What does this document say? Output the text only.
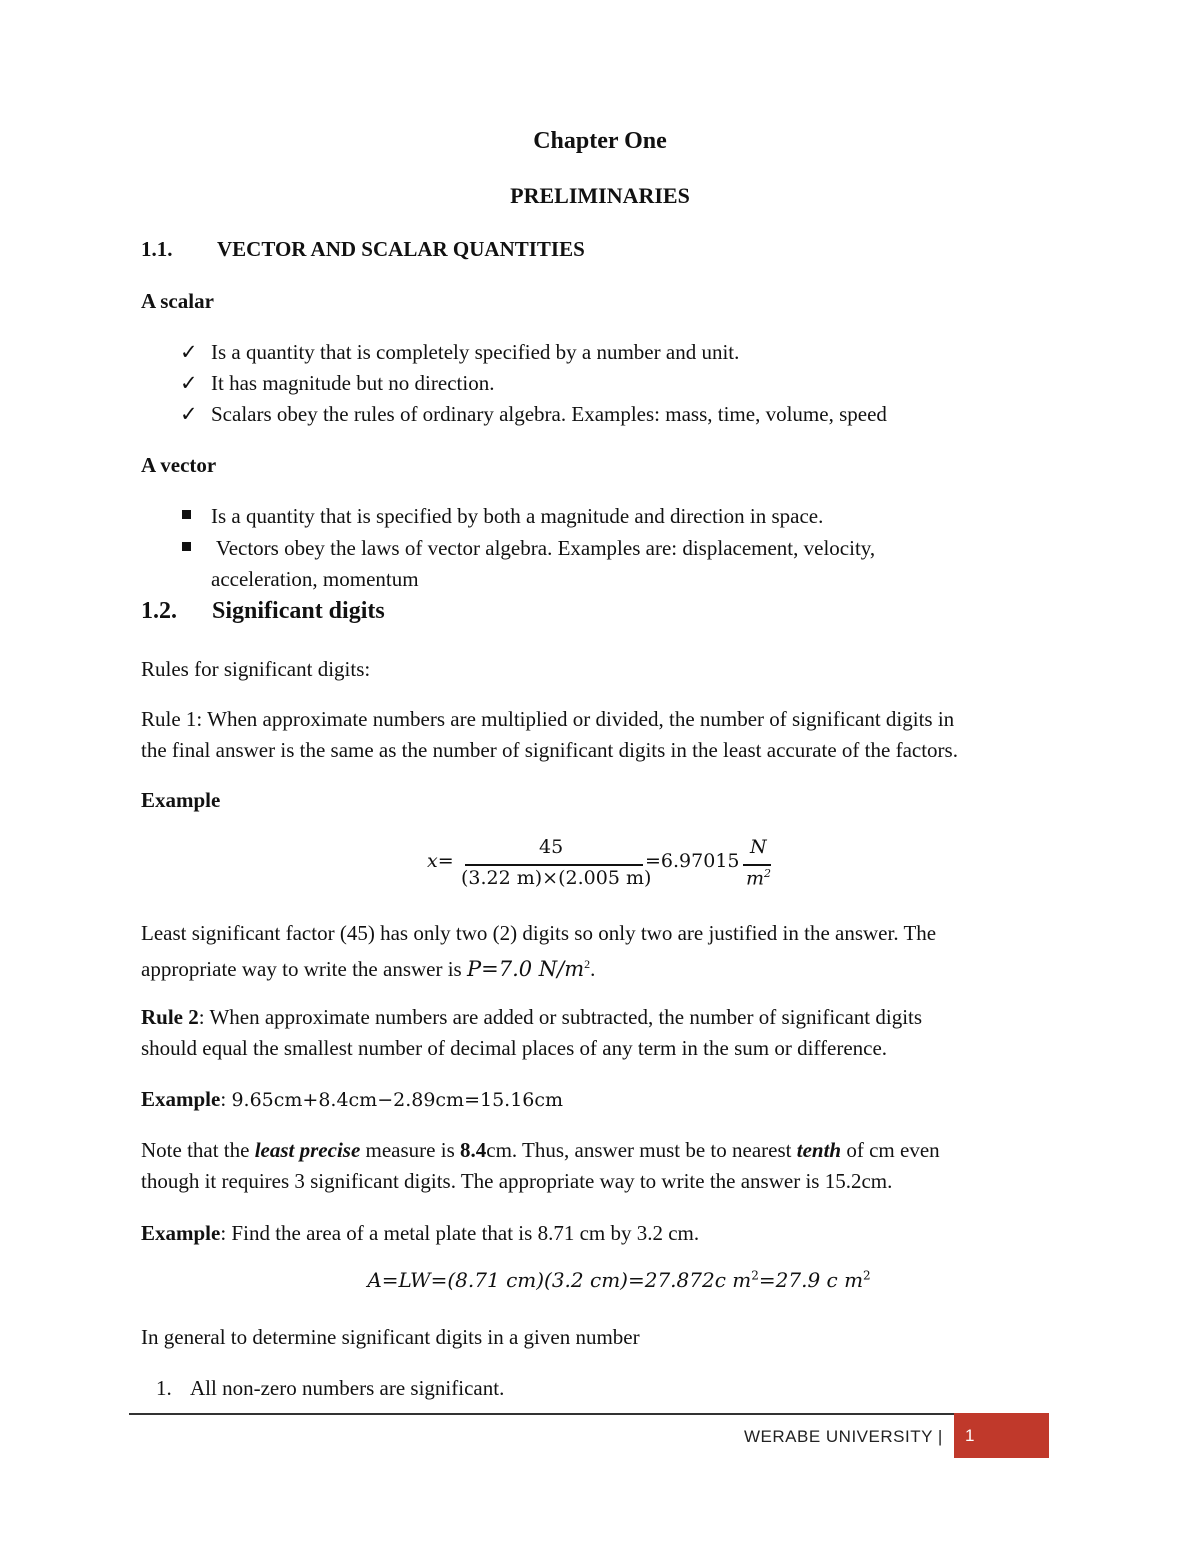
Chapter One
PRELIMINARIES
1.1. VECTOR AND SCALAR QUANTITIES
A scalar
✓ Is a quantity that is completely specified by a number and unit.
✓ It has magnitude but no direction.
✓ Scalars obey the rules of ordinary algebra. Examples: mass, time, volume, speed
A vector
Is a quantity that is specified by both a magnitude and direction in space.
Vectors obey the laws of vector algebra. Examples are: displacement, velocity,
acceleration, momentum
1.2. Significant digits
Rules for significant digits:
Rule 1: When approximate numbers are multiplied or divided, the number of significant digits in
the final answer is the same as the number of significant digits in the least accurate of the factors.
Example
x=
45
(3.22 m)×(2.005 m)
=6.97015
N
$m^2$
Least significant factor (45) has only two (2) digits so only two are justified in the answer. The
appropriate way to write the answer is P=7.0 $N/m^2$.
Rule 2: When approximate numbers are added or subtracted, the number of significant digits
should equal the smallest number of decimal places of any term in the sum or difference.
Example: 9.65cm+8.4cm−2.89cm=15.16cm
Note that the least precise measure is 8.4cm. Thus, answer must be to nearest tenth of cm even
though it requires 3 significant digits. The appropriate way to write the answer is 15.2cm.
Example: Find the area of a metal plate that is 8.71 cm by 3.2 cm.
A=LW=(8.71 cm)(3.2 cm)=27.872c $m^2=27.9$ c $m^2$
In general to determine significant digits in a given number
1. All non-zero numbers are significant.
WERABE UNIVERSITY | 1
